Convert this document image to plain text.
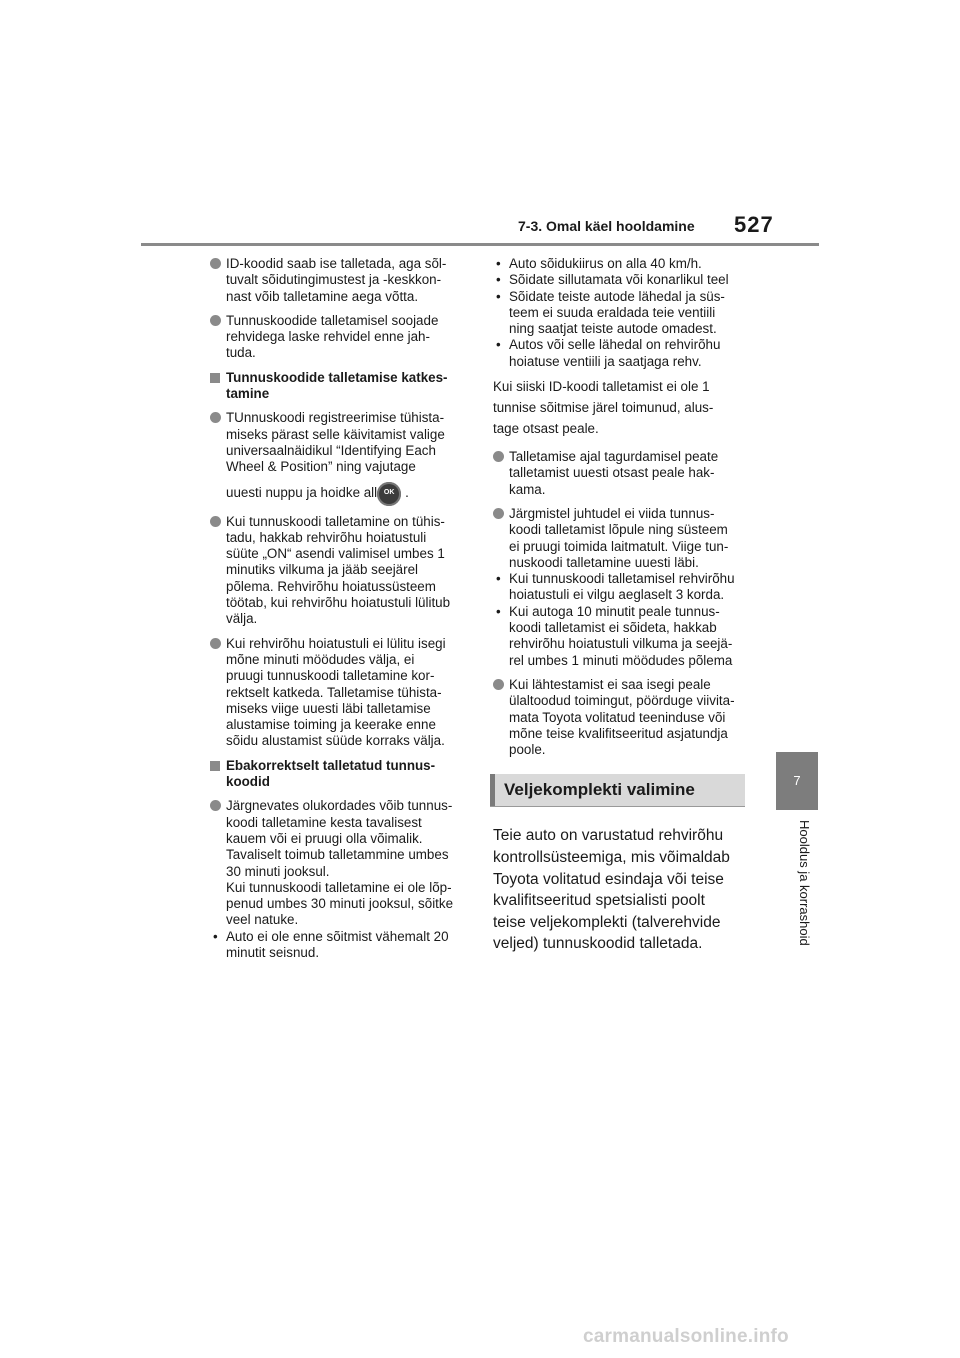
7-3. Omal käel hooldamine 527
ID-koodid saab ise talletada, aga sõl-
tuvalt sõidutingimustest ja -keskkon-
nast võib talletamine aega võtta.
Tunnuskoodide talletamisel soojade
rehvidega laske rehvidel enne jah-
tuda.
Tunnuskoodide talletamise katkes-
tamine
TUnnuskoodi registreerimise tühista-
miseks pärast selle käivitamist valige
universaalnäidikul “Identifying Each
Wheel & Position” ning vajutage
uuesti nuppu ja hoidke all OK .
Kui tunnuskoodi talletamine on tühis-
tadu, hakkab rehvirõhu hoiatustuli
süüte „ON“ asendi valimisel umbes 1
minutiks vilkuma ja jääb seejärel
põlema. Rehvirõhu hoiatussüsteem
töötab, kui rehvirõhu hoiatustuli lülitub
välja.
Kui rehvirõhu hoiatustuli ei lülitu isegi
mõne minuti möödudes välja, ei
pruugi tunnuskoodi talletamine kor-
rektselt katkeda. Talletamise tühista-
miseks viige uuesti läbi talletamise
alustamise toiming ja keerake enne
sõidu alustamist süüde korraks välja.
Ebakorrektselt talletatud tunnus-
koodid
Järgnevates olukordades võib tunnus-
koodi talletamine kesta tavalisest
kauem või ei pruugi olla võimalik.
Tavaliselt toimub talletammine umbes
30 minuti jooksul.
Kui tunnuskoodi talletamine ei ole lõp-
penud umbes 30 minuti jooksul, sõitke
veel natuke.
• Auto ei ole enne sõitmist vähemalt 20
minutit seisnud.
• Auto sõidukiirus on alla 40 km/h.
• Sõidate sillutamata või konarlikul teel
• Sõidate teiste autode lähedal ja süs-
teem ei suuda eraldada teie ventiili
ning saatjat teiste autode omadest.
• Autos või selle lähedal on rehvirõhu
hoiatuse ventiili ja saatjaga rehv.
Kui siiski ID-koodi talletamist ei ole 1
tunnise sõitmise järel toimunud, alus-
tage otsast peale.
Talletamise ajal tagurdamisel peate
talletamist uuesti otsast peale hak-
kama.
Järgmistel juhtudel ei viida tunnus-
koodi talletamist lõpule ning süsteem
ei pruugi toimida laitmatult. Viige tun-
nuskoodi talletamine uuesti läbi.
• Kui tunnuskoodi talletamisel rehvirõhu
hoiatustuli ei vilgu aeglaselt 3 korda.
• Kui autoga 10 minutit peale tunnus-
koodi talletamist ei sõideta, hakkab
rehvirõhu hoiatustuli vilkuma ja seejä-
rel umbes 1 minuti möödudes põlema
Kui lähtestamist ei saa isegi peale
ülaltoodud toimingut, pöörduge viivita-
mata Toyota volitatud teeninduse või
mõne teise kvalifitseeritud asjatundja
poole.
Veljekomplekti valimine
Teie auto on varustatud rehvirõhu
kontrollsüsteemiga, mis võimaldab
Toyota volitatud esindaja või teise
kvalifitseeritud spetsialisti poolt
teise veljekomplekti (talverehvide
veljed) tunnuskoodid talletada.
7
Hooldus ja korrashoid
carmanualsonline.info
